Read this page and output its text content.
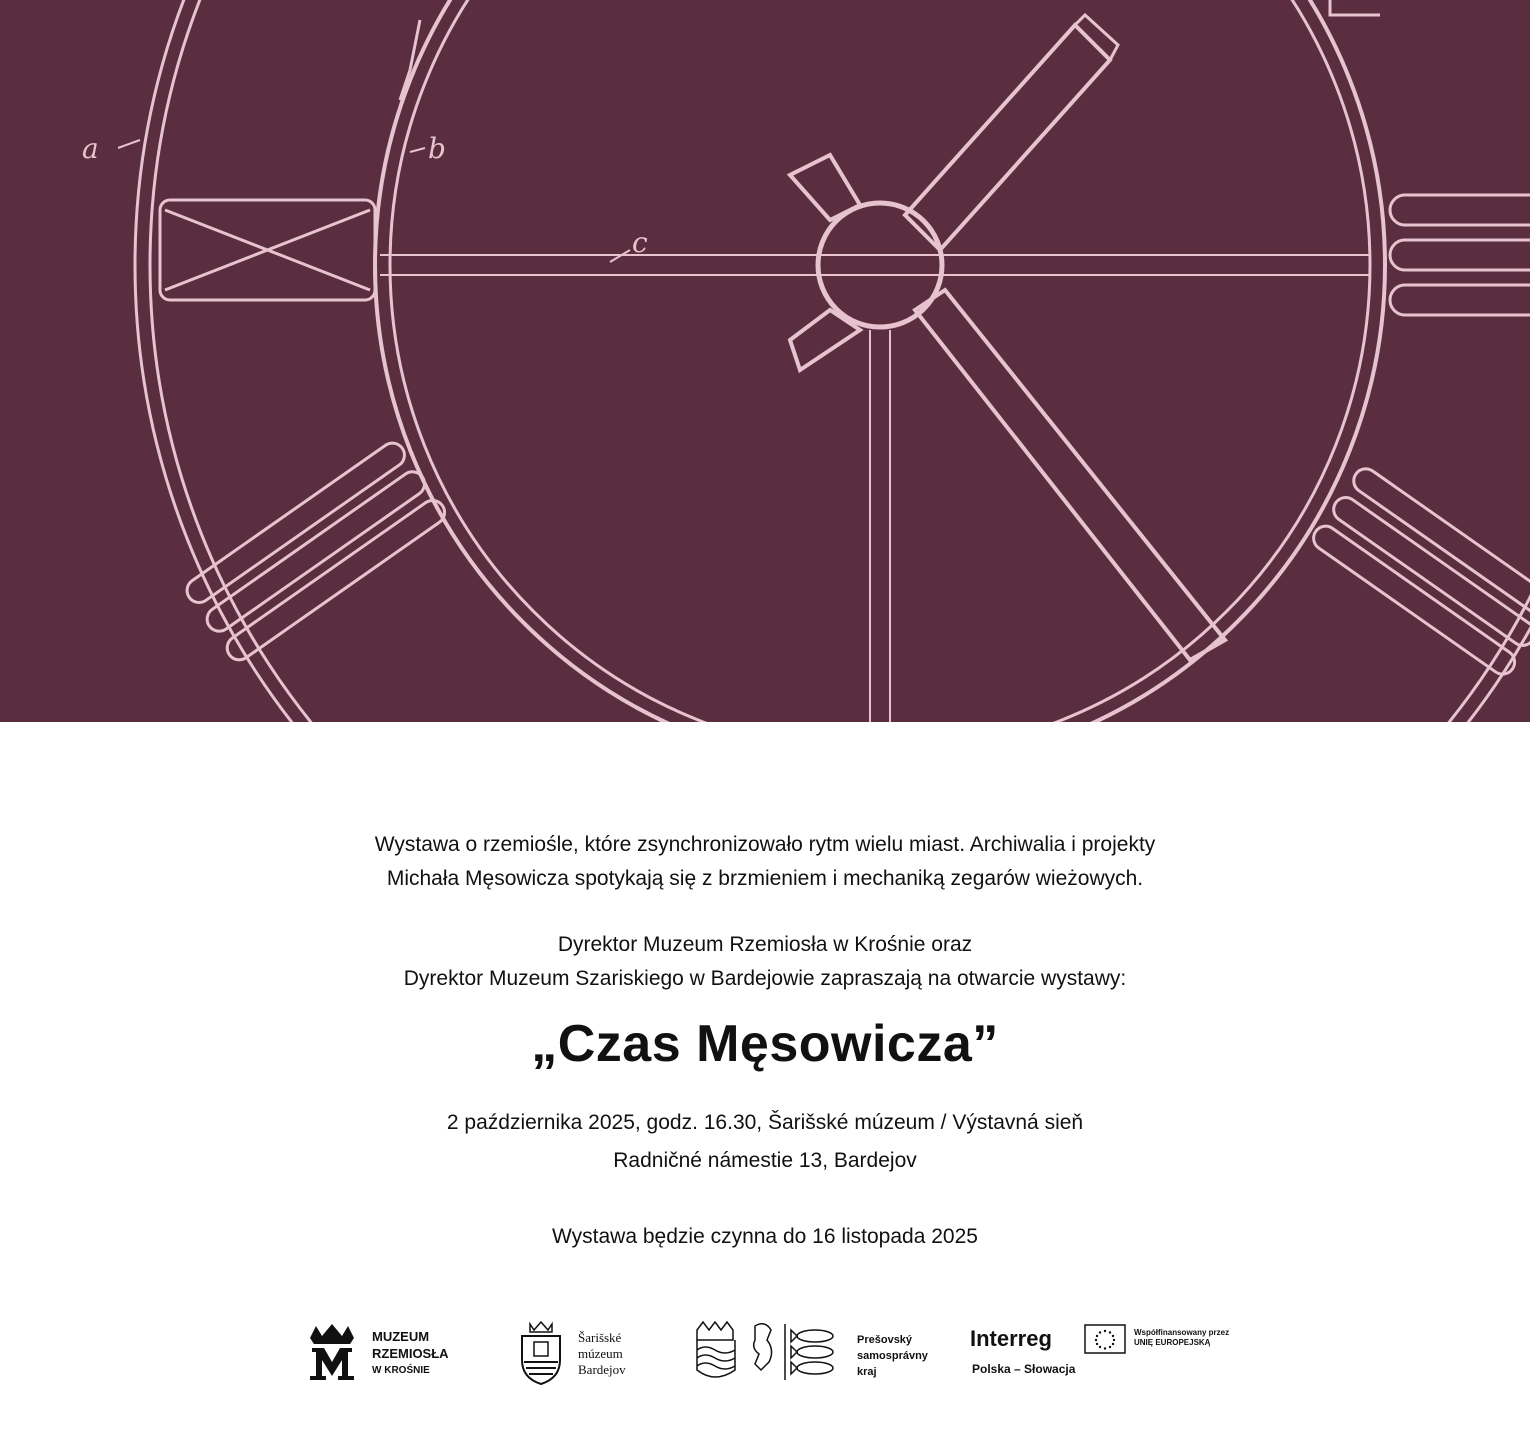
a	b
c

Wystawa o rzemiośle, które zsynchronizowało rytm wielu miast. Archiwalia i projekty
Michała Męsowicza spotykają się z brzmieniem i mechaniką zegarów wieżowych.

Dyrektor Muzeum Rzemiosła w Krośnie oraz
Dyrektor Muzeum Szariskiego w Bardejowie zapraszają na otwarcie wystawy:

„Czas Męsowicza”

2 października 2025, godz. 16.30, Šarišské múzeum / Výstavná sieň
Radničné námestie 13, Bardejov

Wystawa będzie czynna do 16 listopada 2025

MUZEUM
RZEMIOSŁA
W KROŚNIE
Šarišské
múzeum
Bardejov
Prešovský
samosprávny
kraj
Interreg
Polska – Słowacja
Współfinansowany przez
UNIĘ EUROPEJSKĄ
